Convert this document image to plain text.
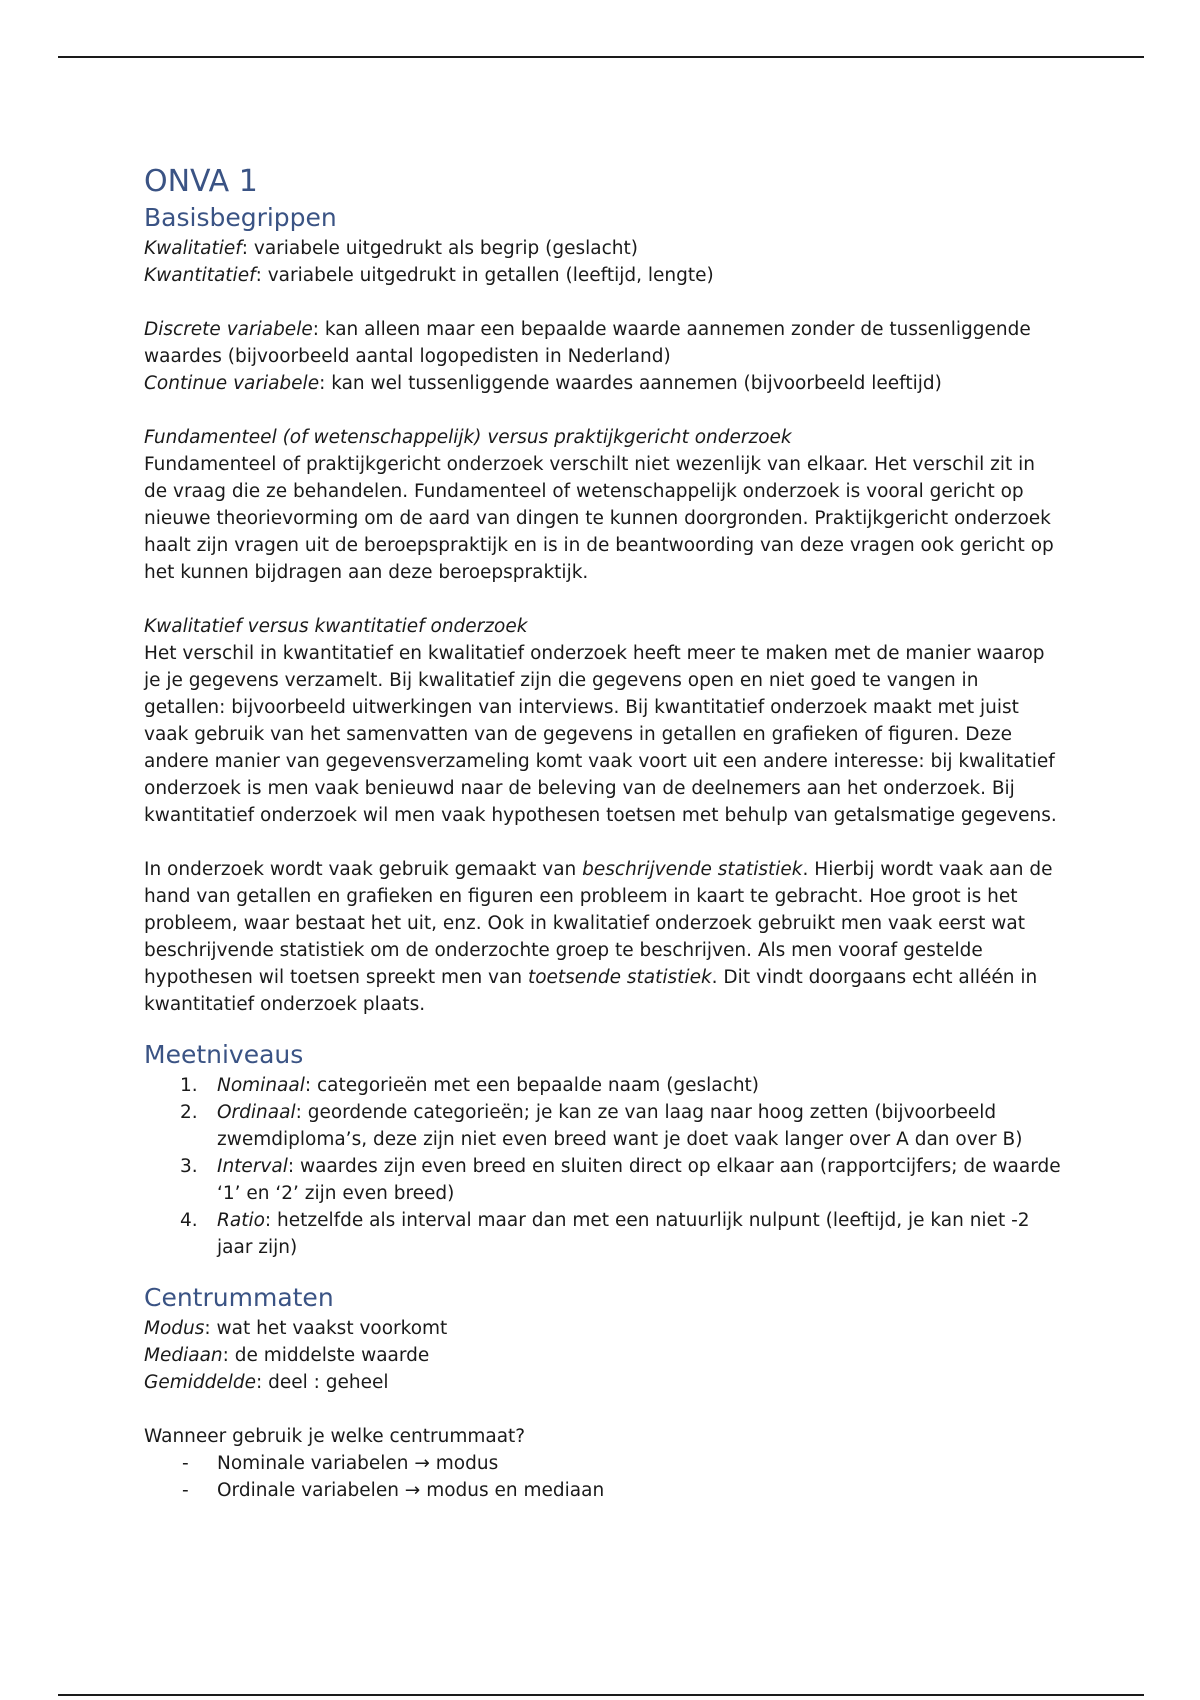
ONVA 1
Basisbegrippen

Kwalitatief: variabele uitgedrukt als begrip (geslacht)

Kwantitatief: variabele uitgedrukt in getallen (leeftijd, lengte)

Discrete variabele: kan alleen maar een bepaalde waarde aannemen zonder de tussenliggende waardes (bijvoorbeeld aantal logopedisten in Nederland)

Continue variabele: kan wel tussenliggende waardes aannemen (bijvoorbeeld leeftijd)

Fundamenteel (of wetenschappelijk) versus praktijkgericht onderzoek

Fundamenteel of praktijkgericht onderzoek verschilt niet wezenlijk van elkaar. Het verschil zit in de vraag die ze behandelen. Fundamenteel of wetenschappelijk onderzoek is vooral gericht op nieuwe theorievorming om de aard van dingen te kunnen doorgronden. Praktijkgericht onderzoek haalt zijn vragen uit de beroepspraktijk en is in de beantwoording van deze vragen ook gericht op het kunnen bijdragen aan deze beroepspraktijk.

Kwalitatief versus kwantitatief onderzoek

Het verschil in kwantitatief en kwalitatief onderzoek heeft meer te maken met de manier waarop je je gegevens verzamelt. Bij kwalitatief zijn die gegevens open en niet goed te vangen in getallen: bijvoorbeeld uitwerkingen van interviews. Bij kwantitatief onderzoek maakt met juist vaak gebruik van het samenvatten van de gegevens in getallen en grafieken of figuren. Deze andere manier van gegevensverzameling komt vaak voort uit een andere interesse: bij kwalitatief onderzoek is men vaak benieuwd naar de beleving van de deelnemers aan het onderzoek. Bij kwantitatief onderzoek wil men vaak hypothesen toetsen met behulp van getalsmatige gegevens.

In onderzoek wordt vaak gebruik gemaakt van beschrijvende statistiek. Hierbij wordt vaak aan de hand van getallen en grafieken en figuren een probleem in kaart te gebracht. Hoe groot is het probleem, waar bestaat het uit, enz. Ook in kwalitatief onderzoek gebruikt men vaak eerst wat beschrijvende statistiek om de onderzochte groep te beschrijven. Als men vooraf gestelde hypothesen wil toetsen spreekt men van toetsende statistiek. Dit vindt doorgaans echt alléén in kwantitatief onderzoek plaats.

Meetniveaus
1. Nominaal: categorieën met een bepaalde naam (geslacht)
2. Ordinaal: geordende categorieën; je kan ze van laag naar hoog zetten (bijvoorbeeld zwemdiploma’s, deze zijn niet even breed want je doet vaak langer over A dan over B)
3. Interval: waardes zijn even breed en sluiten direct op elkaar aan (rapportcijfers; de waarde ‘1’ en ‘2’ zijn even breed)
4. Ratio: hetzelfde als interval maar dan met een natuurlijk nulpunt (leeftijd, je kan niet -2 jaar zijn)
Centrummaten

Modus: wat het vaakst voorkomt

Mediaan: de middelste waarde

Gemiddelde: deel : geheel

Wanneer gebruik je welke centrummaat?

- Nominale variabelen → modus
- Ordinale variabelen → modus en mediaan
